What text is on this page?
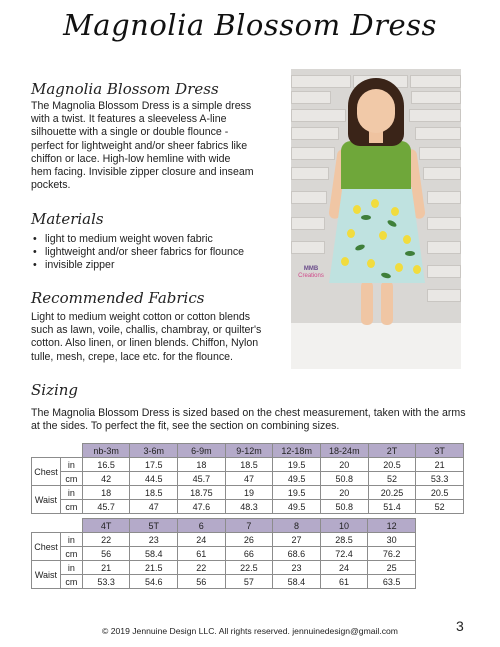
Magnolia Blossom Dress
Magnolia Blossom Dress
The Magnolia Blossom Dress is a simple dress
with a twist. It features a sleeveless A-line
silhouette with a single or double flounce -
perfect for lightweight and/or sheer fabrics like
chiffon or lace. High-low hemline with wide
hem facing. Invisible zipper closure and inseam
pockets.
Materials
• light to medium weight woven fabric
• lightweight and/or sheer fabrics for flounce
• invisible zipper
Recommended Fabrics
Light to medium weight cotton or cotton blends
such as lawn, voile, challis, chambray, or quilter's
cotton. Also linen, or linen blends. Chiffon, Nylon
tulle, mesh, crepe, lace etc. for the flounce.
MMB
Creations
Sizing
The Magnolia Blossom Dress is sized based on the chest measurement, taken with the arms
at the sides. To perfect the fit, see the section on combining sizes.
		nb-3m	3-6m	6-9m	9-12m	12-18m	18-24m	2T	3T
Chest	in	16.5	17.5	18	18.5	19.5	20	20.5	21
	cm	42	44.5	45.7	47	49.5	50.8	52	53.3
Waist	in	18	18.5	18.75	19	19.5	20	20.25	20.5
	cm	45.7	47	47.6	48.3	49.5	50.8	51.4	52
		4T	5T	6	7	8	10	12
Chest	in	22	23	24	26	27	28.5	30
	cm	56	58.4	61	66	68.6	72.4	76.2
Waist	in	21	21.5	22	22.5	23	24	25
	cm	53.3	54.6	56	57	58.4	61	63.5
© 2019 Jennuine Design LLC. All rights reserved. jennuinedesign@gmail.com	3
